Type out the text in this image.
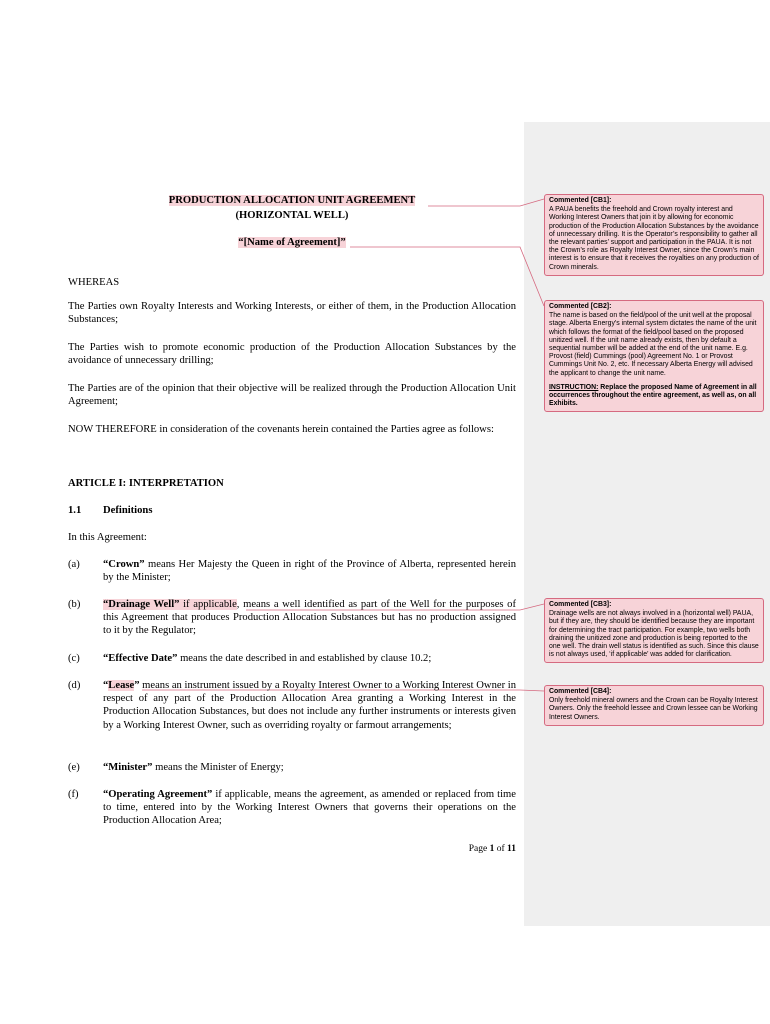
PRODUCTION ALLOCATION UNIT AGREEMENT
(HORIZONTAL WELL)
“[Name of Agreement]”
WHEREAS
The Parties own Royalty Interests and Working Interests, or either of them, in the Production Allocation Substances;
The Parties wish to promote economic production of the Production Allocation Substances by the avoidance of unnecessary drilling;
The Parties are of the opinion that their objective will be realized through the Production Allocation Unit Agreement;
NOW THEREFORE in consideration of the covenants herein contained the Parties agree as follows:
ARTICLE I: INTERPRETATION
1.1 Definitions
In this Agreement:
(a)	“Crown” means Her Majesty the Queen in right of the Province of Alberta, represented herein by the Minister;
(b)	“Drainage Well” if applicable, means a well identified as part of the Well for the purposes of this Agreement that produces Production Allocation Substances but has no production assigned to it by the Regulator;
(c)	“Effective Date” means the date described in and established by clause 10.2;
(d)	“Lease” means an instrument issued by a Royalty Interest Owner to a Working Interest Owner in respect of any part of the Production Allocation Area granting a Working Interest in the Production Allocation Substances, but does not include any further instruments or interests given by a Working Interest Owner, such as overriding royalty or farmout arrangements;
(e)	“Minister” means the Minister of Energy;
(f)	“Operating Agreement” if applicable, means the agreement, as amended or replaced from time to time, entered into by the Working Interest Owners that governs their operations on the Production Allocation Area;
Page 1 of 11
Commented [CB1]:
A PAUA benefits the freehold and Crown royalty interest and Working Interest Owners that join it by allowing for economic production of the Production Allocation Substances by the avoidance of unnecessary drilling. It is the Operator’s responsibility to gather all the relevant parties’ support and participation in the PAUA. It is not the Crown’s role as Royalty Interest Owner, since the Crown’s main interest is to ensure that it receives the royalties on any production of Crown minerals.
Commented [CB2]:
The name is based on the field/pool of the unit well at the proposal stage. Alberta Energy’s internal system dictates the name of the unit which follows the format of the field/pool based on the proposed unitized well. If the unit name already exists, then by default a sequential number will be added at the end of the unit name. E.g. Provost (field) Cummings (pool) Agreement No. 1 or Provost Cummings Unit No. 2, etc. If necessary Alberta Energy will advised the applicant to change the unit name.
INSTRUCTION: Replace the proposed Name of Agreement in all occurrences throughout the entire agreement, as well as, on all Exhibits.
Commented [CB3]:
Drainage wells are not always involved in a (horizontal well) PAUA, but if they are, they should be identified because they are important for determining the tract participation. For example, two wells both draining the unitized zone and production is being reported to the one well. The drain well status is identified as such. Since this clause is not always used, ‘if applicable’ was added for clarification.
Commented [CB4]:
Only freehold mineral owners and the Crown can be Royalty Interest Owners. Only the freehold lessee and Crown lessee can be Working Interest Owners.
